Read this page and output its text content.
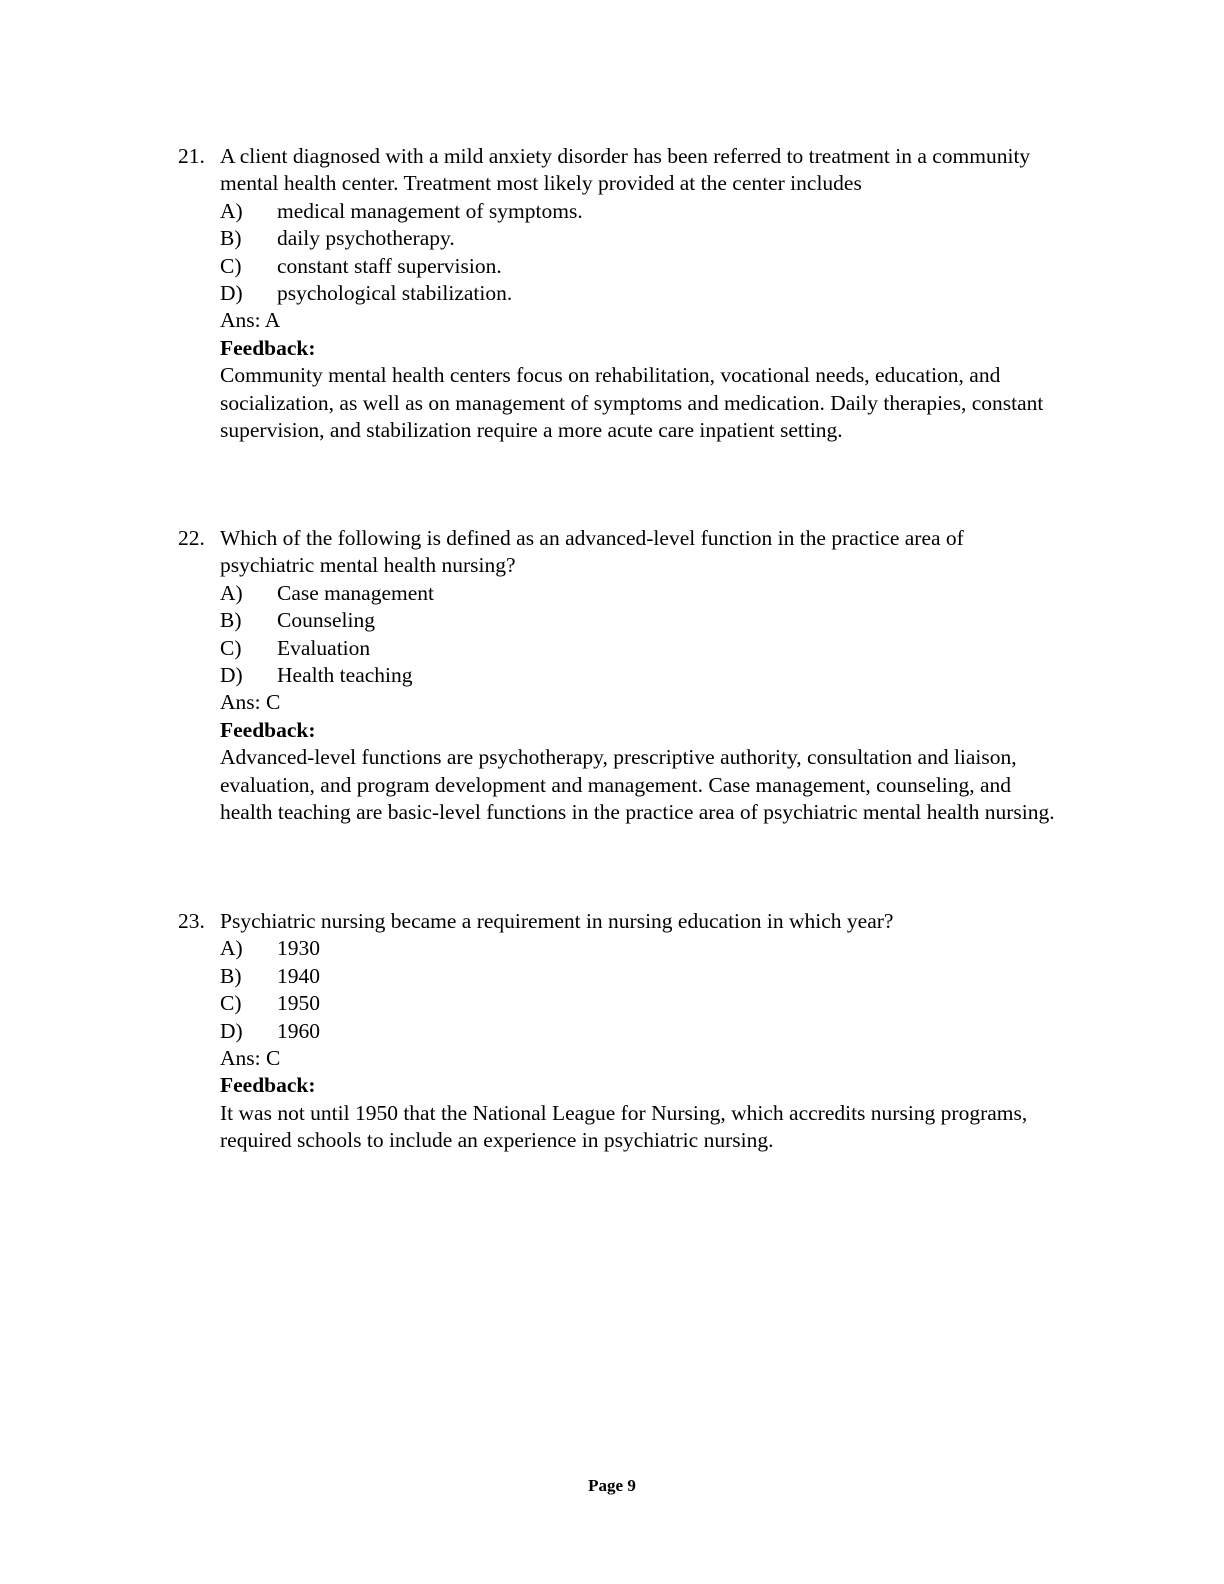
21. A client diagnosed with a mild anxiety disorder has been referred to treatment in a community mental health center. Treatment most likely provided at the center includes
A)	medical management of symptoms.
B)	daily psychotherapy.
C)	constant staff supervision.
D)	psychological stabilization.
Ans: A
Feedback:
Community mental health centers focus on rehabilitation, vocational needs, education, and socialization, as well as on management of symptoms and medication. Daily therapies, constant supervision, and stabilization require a more acute care inpatient setting.
22. Which of the following is defined as an advanced-level function in the practice area of psychiatric mental health nursing?
A)	Case management
B)	Counseling
C)	Evaluation
D)	Health teaching
Ans: C
Feedback:
Advanced-level functions are psychotherapy, prescriptive authority, consultation and liaison, evaluation, and program development and management. Case management, counseling, and health teaching are basic-level functions in the practice area of psychiatric mental health nursing.
23. Psychiatric nursing became a requirement in nursing education in which year?
A)	1930
B)	1940
C)	1950
D)	1960
Ans: C
Feedback:
It was not until 1950 that the National League for Nursing, which accredits nursing programs, required schools to include an experience in psychiatric nursing.
Page 9
